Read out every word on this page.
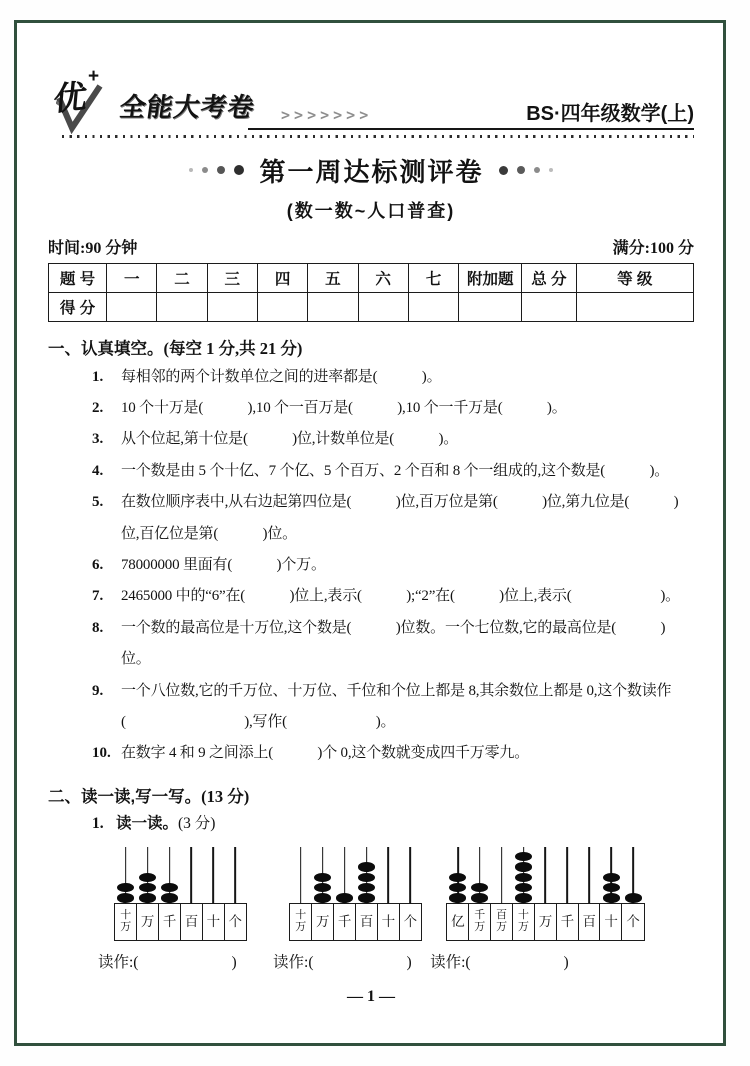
优
+
全能大考卷 >>>>>>>	BS·四年级数学(上)
第一周达标测评卷
(数一数~人口普查)
时间:90 分钟	满分:100 分
题 号	一	二	三	四	五	六	七	附加题	总 分	等 级
得 分										
一、认真填空。(每空 1 分,共 21 分)
1.	每相邻的两个计数单位之间的进率都是(　　　)。
2.	10 个十万是(　　　),10 个一百万是(　　　),10 个一千万是(　　　)。
3.	从个位起,第十位是(　　　)位,计数单位是(　　　)。
4.	一个数是由 5 个十亿、7 个亿、5 个百万、2 个百和 8 个一组成的,这个数是(　　　)。
5.	在数位顺序表中,从右边起第四位是(　　　)位,百万位是第(　　　)位,第九位是(　　　)位,百亿位是第(　　　)位。
6.	78000000 里面有(　　　)个万。
7.	2465000 中的“6”在(　　　)位上,表示(　　　);“2”在(　　　)位上,表示(　　　　　　)。
8.	一个数的最高位是十万位,这个数是(　　　)位数。一个七位数,它的最高位是(　　　)位。
9.	一个八位数,它的千万位、十万位、千位和个位上都是 8,其余数位上都是 0,这个数读作(　　　　　　　　),写作(　　　　　　)。
10. 在数字 4 和 9 之间添上(　　　)个 0,这个数就变成四千万零九。
二、读一读,写一写。(13 分)
1. 读一读。(3 分)
十
万 万 千 百 十 个
读作:(　　　　　　)
十
万 万 千 百 十 个
读作:(　　　　　　)
亿 千
万
百
万
十
万 万 千 百 十 个
读作:(　　　　　　)
— 1 —
